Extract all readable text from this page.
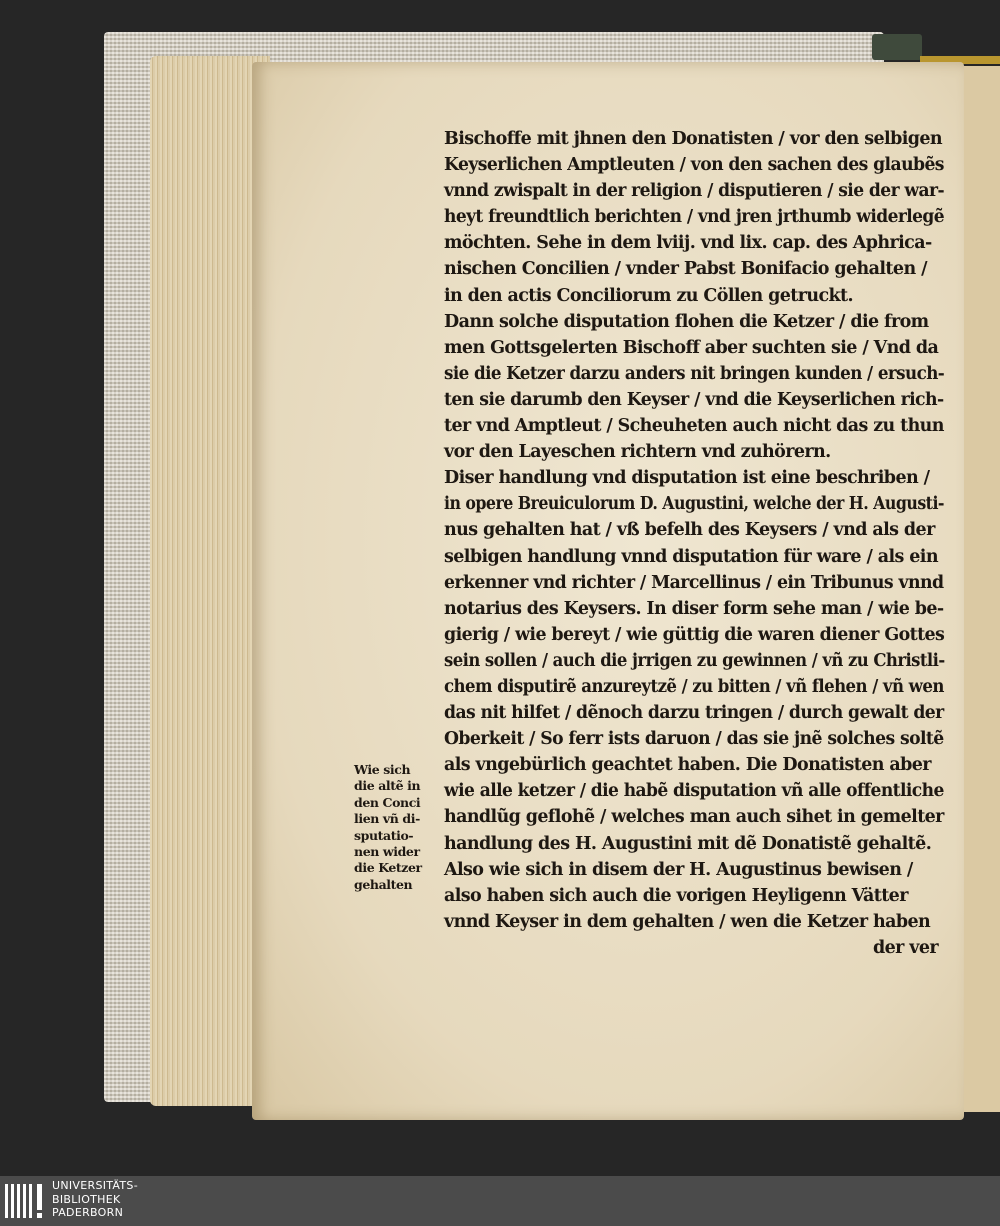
Bischoffe mit jhnen den Donatisten / vor den selbigen
Keyserlichen Amptleuten / von den sachen des glaubẽs
vnnd zwispalt in der religion / disputieren / sie der war-
heyt freundtlich berichten / vnd jren jrthumb widerlegẽ
möchten. Sehe in dem lviij. vnd lix. cap. des Aphrica-
nischen Concilien / vnder Pabst Bonifacio gehalten /
in den actis Conciliorum zu Cöllen getruckt.
Dann solche disputation flohen die Ketzer / die from
men Gottsgelerten Bischoff aber suchten sie / Vnd da
sie die Ketzer darzu anders nit bringen kunden / ersuch-
ten sie darumb den Keyser / vnd die Keyserlichen rich-
ter vnd Amptleut / Scheuheten auch nicht das zu thun
vor den Layeschen richtern vnd zuhörern.
Diser handlung vnd disputation ist eine beschriben /
in opere Breuiculorum D. Augustini, welche der H. Augusti-
nus gehalten hat / vß befelh des Keysers / vnd als der
selbigen handlung vnnd disputation für ware / als ein
erkenner vnd richter / Marcellinus / ein Tribunus vnnd
notarius des Keysers. In diser form sehe man / wie be-
gierig / wie bereyt / wie güttig die waren diener Gottes
sein sollen / auch die jrrigen zu gewinnen / vñ zu Christli-
chem disputirẽ anzureytzẽ / zu bitten / vñ flehen / vñ wen
das nit hilfet / dẽnoch darzu tringen / durch gewalt der
Oberkeit / So ferr ists daruon / das sie jnẽ solches soltẽ
als vngebürlich geachtet haben. Die Donatisten aber
wie alle ketzer / die habẽ disputation vñ alle offentliche
handlũg geflohẽ / welches man auch sihet in gemelter
handlung des H. Augustini mit dẽ Donatistẽ gehaltẽ.
Also wie sich in disem der H. Augustinus bewisen /
also haben sich auch die vorigen Heyligenn Vätter
vnnd Keyser in dem gehalten / wen die Ketzer haben
der ver
Wie sich
die altẽ in
den Conci
lien vñ di-
sputatio-
nen wider
die Ketzer
gehalten
UNIVERSITÄTS-
BIBLIOTHEK
PADERBORN
